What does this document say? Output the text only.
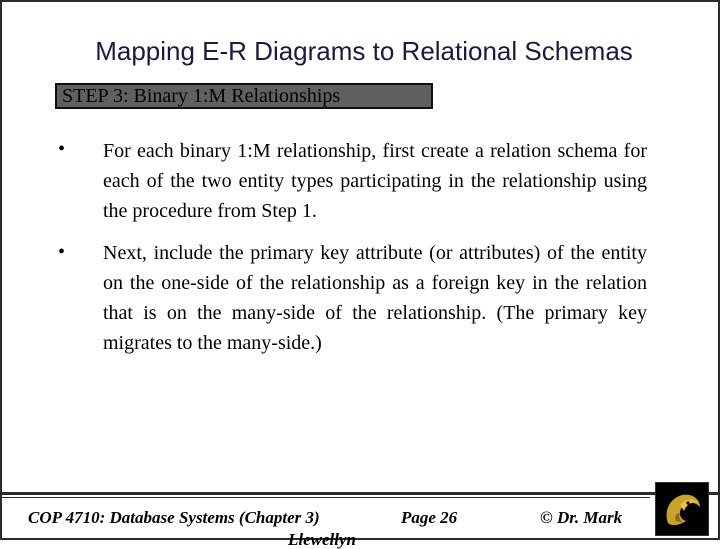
Mapping E-R Diagrams to Relational Schemas
STEP 3: Binary 1:M Relationships
• For each binary 1:M relationship, first create a relation schema for each of the two entity types participating in the relationship using the procedure from Step 1.
• Next, include the primary key attribute (or attributes) of the entity on the one-side of the relationship as a foreign key in the relation that is on the many-side of the relationship. (The primary key migrates to the many-side.)
COP 4710: Database Systems (Chapter 3)	Page 26	© Dr. Mark
Llewellyn
